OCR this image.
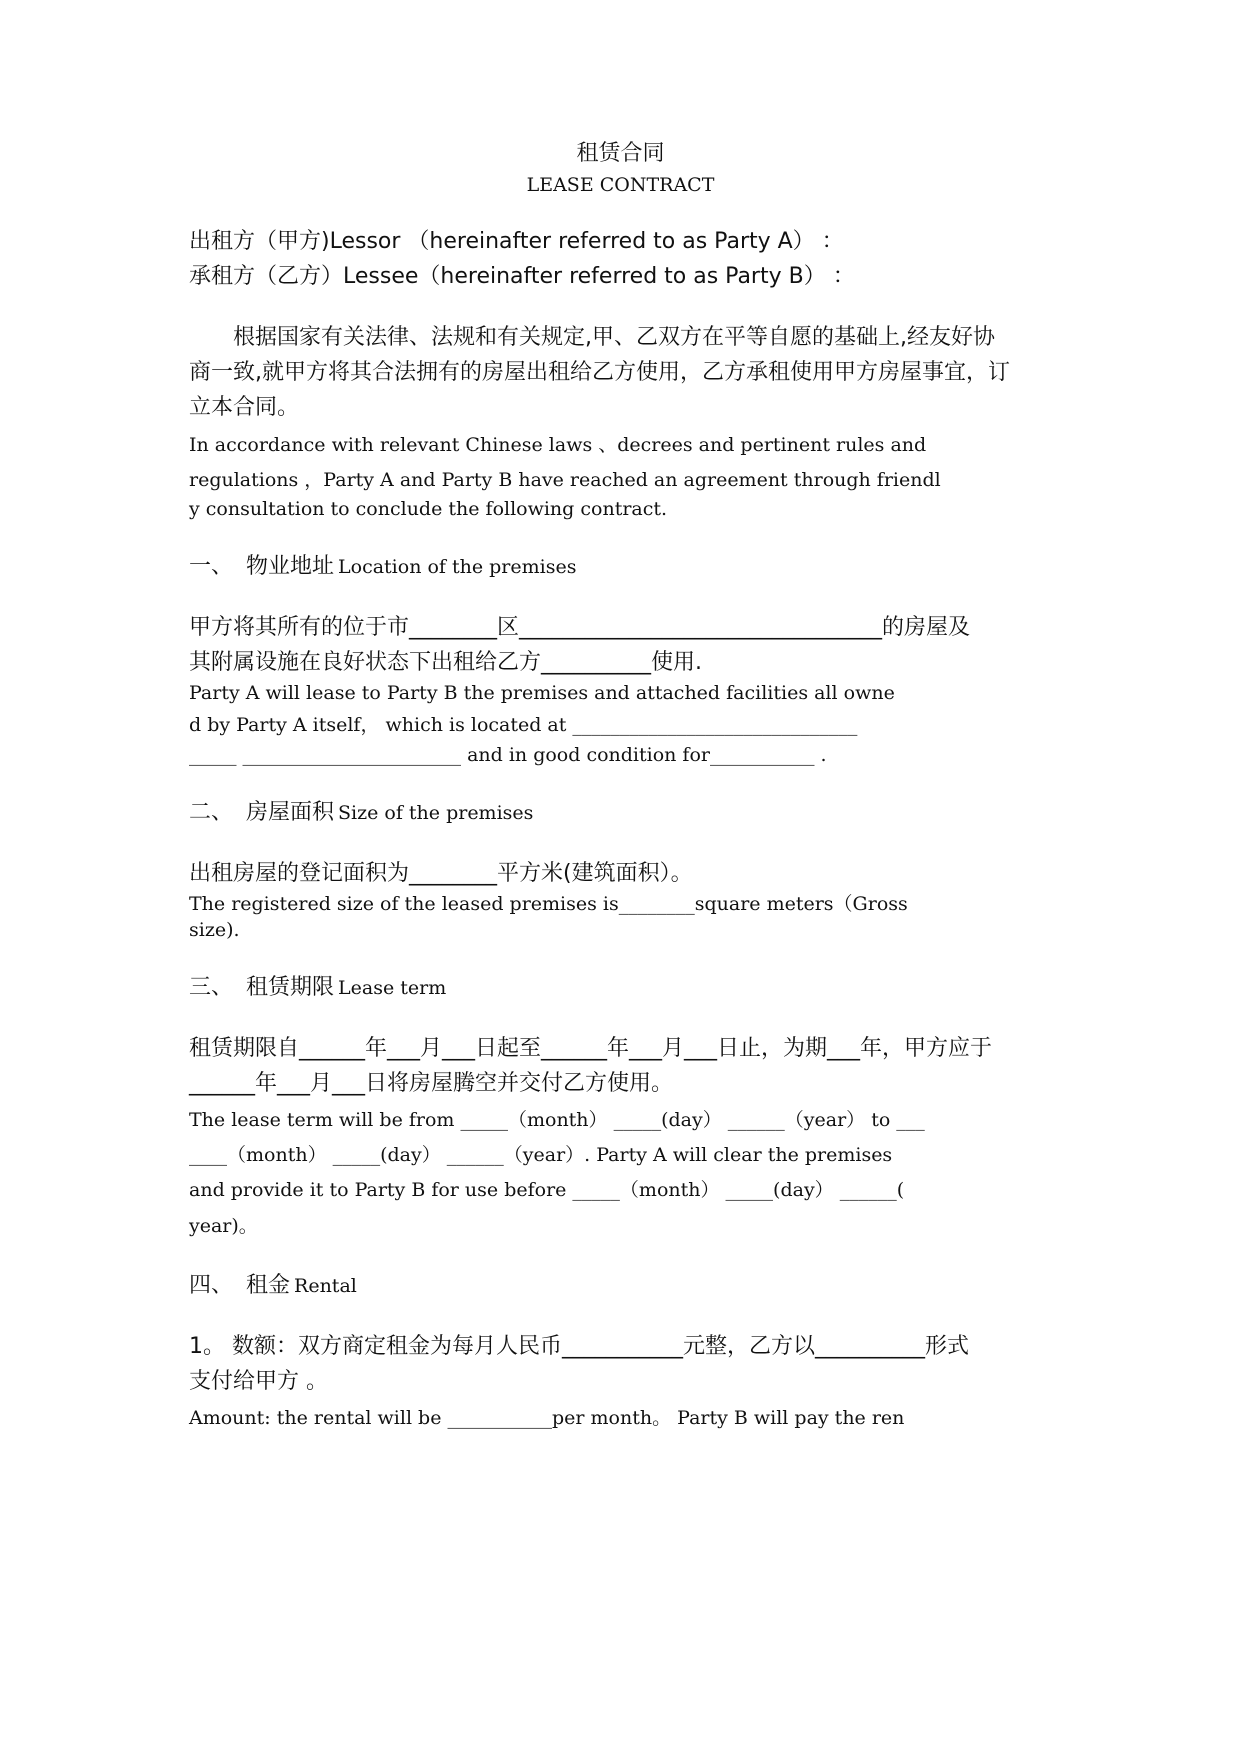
租赁合同
LEASE CONTRACT
出租方（甲方)Lessor （hereinafter referred to as Party A） ：
承租方（乙方）Lessee（hereinafter referred to as Party B） ：
根据国家有关法律、法规和有关规定,甲、乙双方在平等自愿的基础上,经友好协
商一致,就甲方将其合法拥有的房屋出租给乙方使用，乙方承租使用甲方房屋事宜，订
立本合同。
In accordance with relevant Chinese laws 、decrees and pertinent rules and
regulations ，Party A and Party B have reached an agreement through friendl
y consultation to conclude the following contract.
一、 物业地址 Location of the premises
甲方将其所有的位于市________区_________________________________的房屋及
其附属设施在良好状态下出租给乙方__________使用.
Party A will lease to Party B the premises and attached facilities all owne
d by Party A itself， which is located at ______________________________
_____ _______________________ and in good condition for___________ .
二、 房屋面积 Size of the premises
出租房屋的登记面积为________平方米(建筑面积）。
The registered size of the leased premises is________square meters（Gross
size).
三、 租赁期限 Lease term
租赁期限自______年___月___日起至______年___月___日止，为期___年，甲方应于
______年___月___日将房屋腾空并交付乙方使用。
The lease term will be from _____（month） _____(day） ______（year） to ___
____（month） _____(day） ______（year）. Party A will clear the premises
and provide it to Party B for use before _____（month） _____(day） ______(
year)。
四、 租金 Rental
1。 数额：双方商定租金为每月人民币___________元整，乙方以__________形式
支付给甲方 。
Amount: the rental will be ___________per month。 Party B will pay the ren
